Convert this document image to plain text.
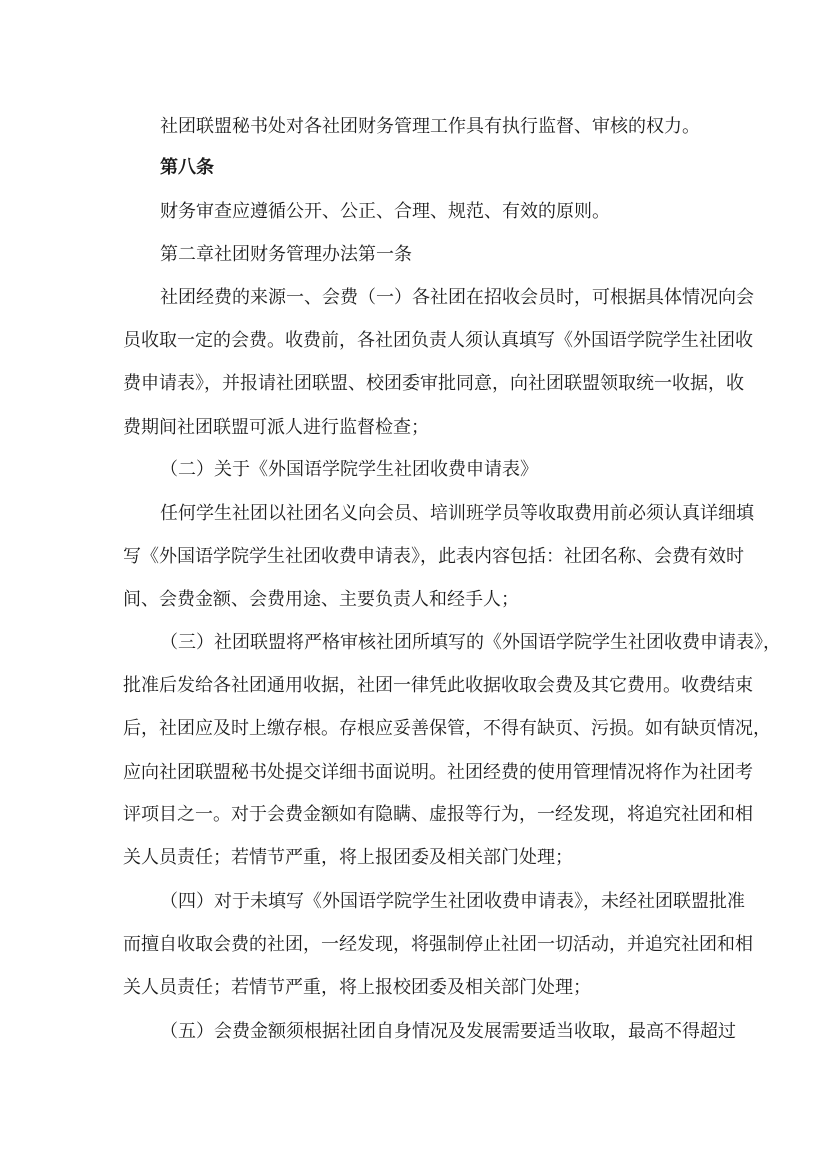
社团联盟秘书处对各社团财务管理工作具有执行监督、审核的权力。
第八条
财务审查应遵循公开、公正、合理、规范、有效的原则。
第二章社团财务管理办法第一条
社团经费的来源一、会费（一）各社团在招收会员时，可根据具体情况向会
员收取一定的会费。收费前，各社团负责人须认真填写《外国语学院学生社团收
费申请表》，并报请社团联盟、校团委审批同意，向社团联盟领取统一收据，收
费期间社团联盟可派人进行监督检查；
（二）关于《外国语学院学生社团收费申请表》
任何学生社团以社团名义向会员、培训班学员等收取费用前必须认真详细填
写《外国语学院学生社团收费申请表》，此表内容包括：社团名称、会费有效时
间、会费金额、会费用途、主要负责人和经手人；
（三）社团联盟将严格审核社团所填写的《外国语学院学生社团收费申请表》，
批准后发给各社团通用收据，社团一律凭此收据收取会费及其它费用。收费结束
后，社团应及时上缴存根。存根应妥善保管，不得有缺页、污损。如有缺页情况，
应向社团联盟秘书处提交详细书面说明。社团经费的使用管理情况将作为社团考
评项目之一。对于会费金额如有隐瞒、虚报等行为，一经发现，将追究社团和相
关人员责任；若情节严重，将上报团委及相关部门处理；
（四）对于未填写《外国语学院学生社团收费申请表》，未经社团联盟批准
而擅自收取会费的社团，一经发现，将强制停止社团一切活动，并追究社团和相
关人员责任；若情节严重，将上报校团委及相关部门处理；
（五）会费金额须根据社团自身情况及发展需要适当收取，最高不得超过
